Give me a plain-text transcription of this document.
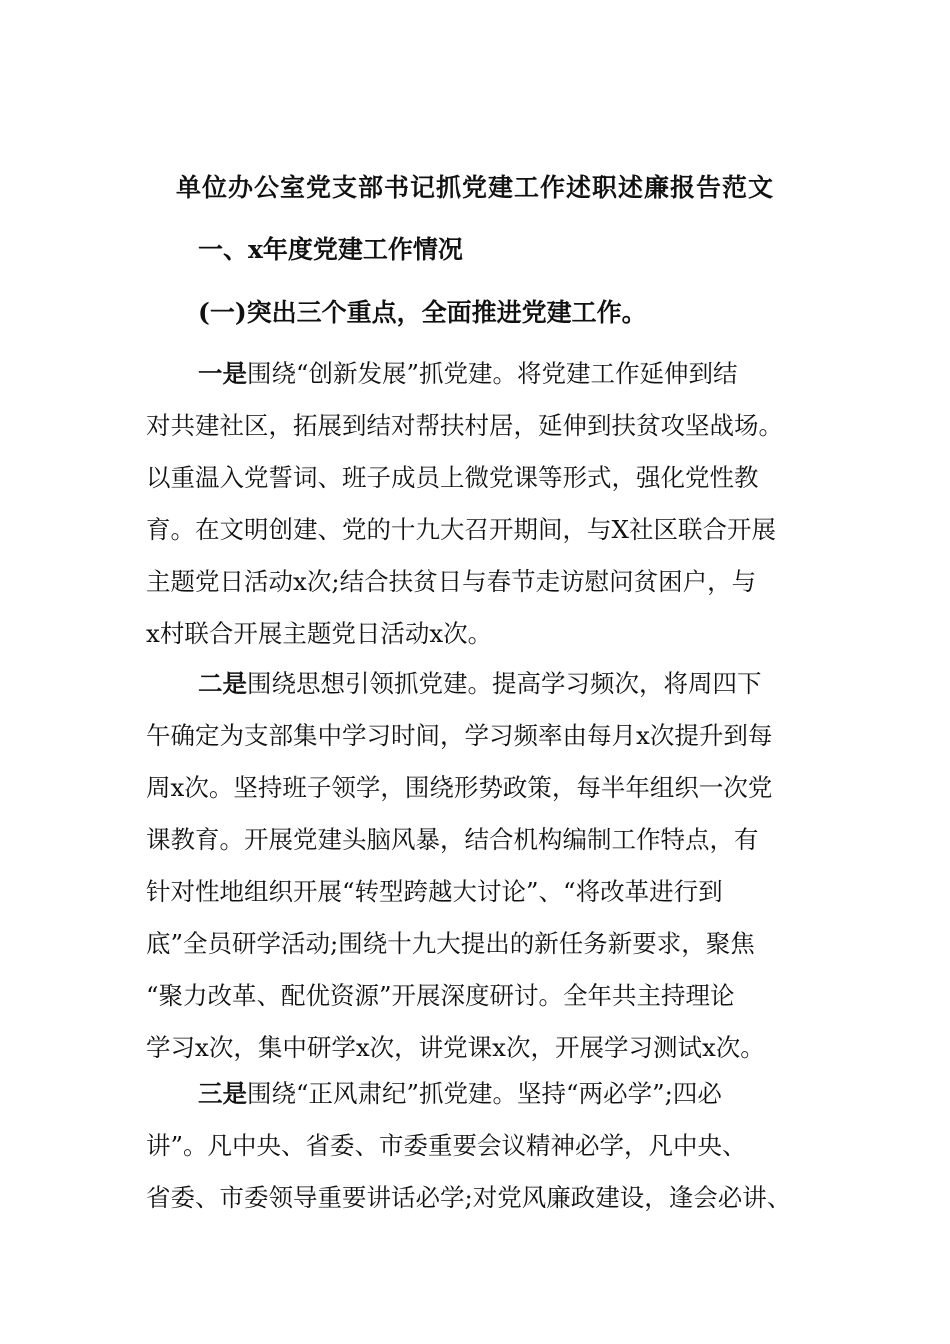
单位办公室党支部书记抓党建工作述职述廉报告范文
一、x年度党建工作情况
(一)突出三个重点，全面推进党建工作。
一是围绕“创新发展”抓党建。将党建工作延伸到结
对共建社区，拓展到结对帮扶村居，延伸到扶贫攻坚战场。
以重温入党誓词、班子成员上微党课等形式，强化党性教
育。在文明创建、党的十九大召开期间，与X社区联合开展
主题党日活动x次;结合扶贫日与春节走访慰问贫困户，与
x村联合开展主题党日活动x次。
二是围绕思想引领抓党建。提高学习频次，将周四下
午确定为支部集中学习时间，学习频率由每月x次提升到每
周x次。坚持班子领学，围绕形势政策，每半年组织一次党
课教育。开展党建头脑风暴，结合机构编制工作特点，有
针对性地组织开展“转型跨越大讨论”、“将改革进行到
底”全员研学活动;围绕十九大提出的新任务新要求，聚焦
“聚力改革、配优资源”开展深度研讨。全年共主持理论
学习x次，集中研学x次，讲党课x次，开展学习测试x次。
三是围绕“正风肃纪”抓党建。坚持“两必学”;四必
讲”。凡中央、省委、市委重要会议精神必学，凡中央、
省委、市委领导重要讲话必学;对党风廉政建设，逢会必讲、
